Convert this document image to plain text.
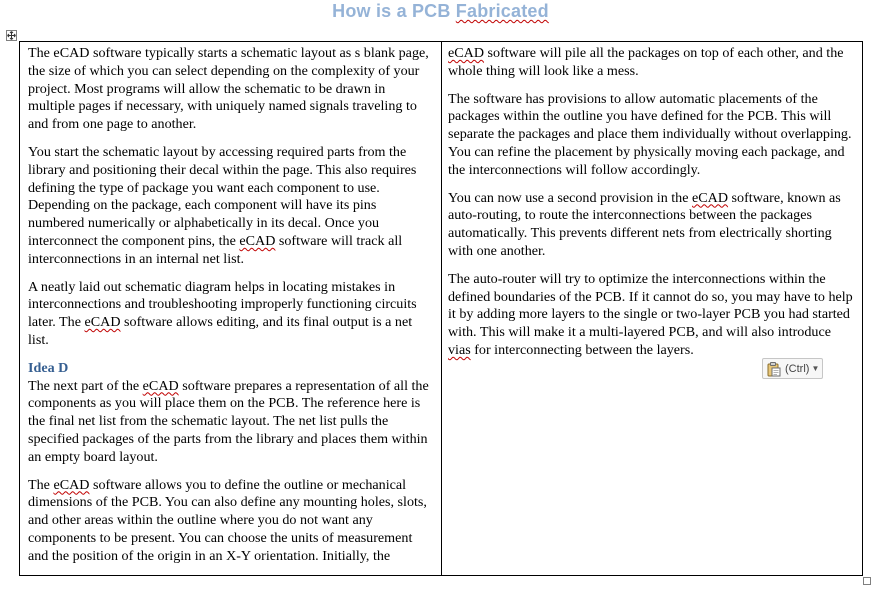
How is a PCB Fabricated

The eCAD software typically starts a schematic layout as s blank page, the size of which you can select depending on the complexity of your project. Most programs will allow the schematic to be drawn in multiple pages if necessary, with uniquely named signals traveling to and from one page to another.

You start the schematic layout by accessing required parts from the library and positioning their decal within the page. This also requires defining the type of package you want each component to use. Depending on the package, each component will have its pins numbered numerically or alphabetically in its decal. Once you interconnect the component pins, the eCAD software will track all interconnections in an internal net list.

A neatly laid out schematic diagram helps in locating mistakes in interconnections and troubleshooting improperly functioning circuits later. The eCAD software allows editing, and its final output is a net list.

Idea D

The next part of the eCAD software prepares a representation of all the components as you will place them on the PCB. The reference here is the final net list from the schematic layout. The net list pulls the specified packages of the parts from the library and places them within an empty board layout.

The eCAD software allows you to define the outline or mechanical dimensions of the PCB. You can also define any mounting holes, slots, and other areas within the outline where you do not want any components to be present. You can choose the units of measurement and the position of the origin in an X-Y orientation. Initially, the

eCAD software will pile all the packages on top of each other, and the whole thing will look like a mess.

The software has provisions to allow automatic placements of the packages within the outline you have defined for the PCB. This will separate the packages and place them individually without overlapping. You can refine the placement by physically moving each package, and the interconnections will follow accordingly.

You can now use a second provision in the eCAD software, known as auto-routing, to route the interconnections between the packages automatically. This prevents different nets from electrically shorting with one another.

The auto-router will try to optimize the interconnections within the defined boundaries of the PCB. If it cannot do so, you may have to help it by adding more layers to the single or two-layer PCB you had started with. This will make it a multi-layered PCB, and will also introduce vias for interconnecting between the layers.

(Ctrl) ▼
